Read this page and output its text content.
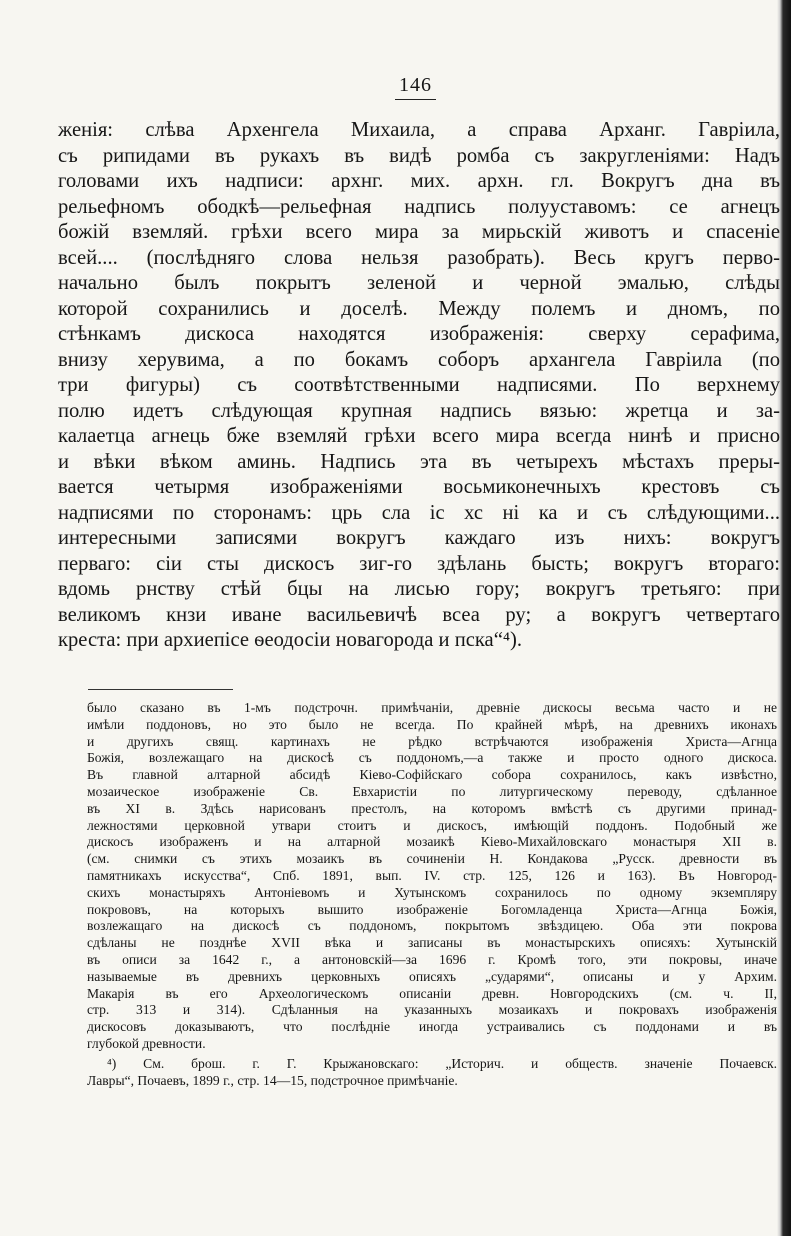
146
женія: слѣва Архенгела Михаила, а справа Арханг. Гавріила,
съ рипидами въ рукахъ въ видѣ ромба съ закругленіями: Надъ
головами ихъ надписи: архнг. мих. архн. гл. Вокругъ дна въ
рельефномъ ободкѣ—рельефная надпись полууставомъ: се агнецъ
божій вземляй. грѣхи всего мира за мирьскій животъ и спасеніе
всей.... (послѣдняго слова нельзя разобрать). Весь кругъ перво-
начально былъ покрытъ зеленой и черной эмалью, слѣды
которой сохранились и доселѣ. Между полемъ и дномъ, по
стѣнкамъ дискоса находятся изображенія: сверху серафима,
внизу херувима, а по бокамъ соборъ архангела Гавріила (по
три фигуры) съ соотвѣтственными надписями. По верхнему
полю идетъ слѣдующая крупная надпись вязью: жретца и за-
калаетца агнець бже вземляй грѣхи всего мира всегда нинѣ и присно
и вѣки вѣком аминь. Надпись эта въ четырехъ мѣстахъ преры-
вается четырмя изображеніями восьмиконечныхъ крестовъ съ
надписями по сторонамъ: црь сла іс хс ні ка и съ слѣдующими...
интересными записями вокругъ каждаго изъ нихъ: вокругъ
перваго: сіи сты дискосъ зиг-го здѣлань бысть; вокругъ втораго:
вдомь рнству стѣй бцы на лисью гору; вокругъ третьяго: при
великомъ кнзи иване васильевичѣ всеа ру; а вокругъ четвертаго
креста: при архиепісе ѳеодосіи новагорода и пска“⁴).
было сказано въ 1-мъ подстрочн. примѣчаніи, древніе дискосы весьма часто и не
имѣли поддоновъ, но это было не всегда. По крайней мѣрѣ, на древнихъ иконахъ
и другихъ свящ. картинахъ не рѣдко встрѣчаются изображенія Христа—Агнца
Божія, возлежащаго на дискосѣ съ поддономъ,—а также и просто одного дискоса.
Въ главной алтарной абсидѣ Кіево-Софійскаго собора сохранилось, какъ извѣстно,
мозаическое изображеніе Св. Евхаристіи по литургическому переводу, сдѣланное
въ XI в. Здѣсь нарисованъ престолъ, на которомъ вмѣстѣ съ другими принад-
лежностями церковной утвари стоитъ и дискосъ, имѣющій поддонъ. Подобный же
дискосъ изображенъ и на алтарной мозаикѣ Кіево-Михайловскаго монастыря XII в.
(см. снимки съ этихъ мозаикъ въ сочиненіи Н. Кондакова „Русск. древности въ
памятникахъ искусства“, Спб. 1891, вып. IV. стр. 125, 126 и 163). Въ Новгород-
скихъ монастыряхъ Антоніевомъ и Хутынскомъ сохранилось по одному экземпляру
покрововъ, на которыхъ вышито изображеніе Богомладенца Христа—Агнца Божія,
возлежащаго на дискосѣ съ поддономъ, покрытомъ звѣздицею. Оба эти покрова
сдѣланы не позднѣе XVII вѣка и записаны въ монастырскихъ описяхъ: Хутынскій
въ описи за 1642 г., а антоновскій—за 1696 г. Кромѣ того, эти покровы, иначе
называемые въ древнихъ церковныхъ описяхъ „сударями“, описаны и у Архим.
Макарія въ его Археологическомъ описаніи древн. Новгородскихъ (см. ч. II,
стр. 313 и 314). Сдѣланныя на указанныхъ мозаикахъ и покровахъ изображенія
дискосовъ доказываютъ, что послѣдніе иногда устраивались съ поддонами и въ
глубокой древности.
⁴) См. брош. г. Г. Крыжановскаго: „Историч. и обществ. значеніе Почаевск.
Лавры“, Почаевъ, 1899 г., стр. 14—15, подстрочное примѣчаніе.
